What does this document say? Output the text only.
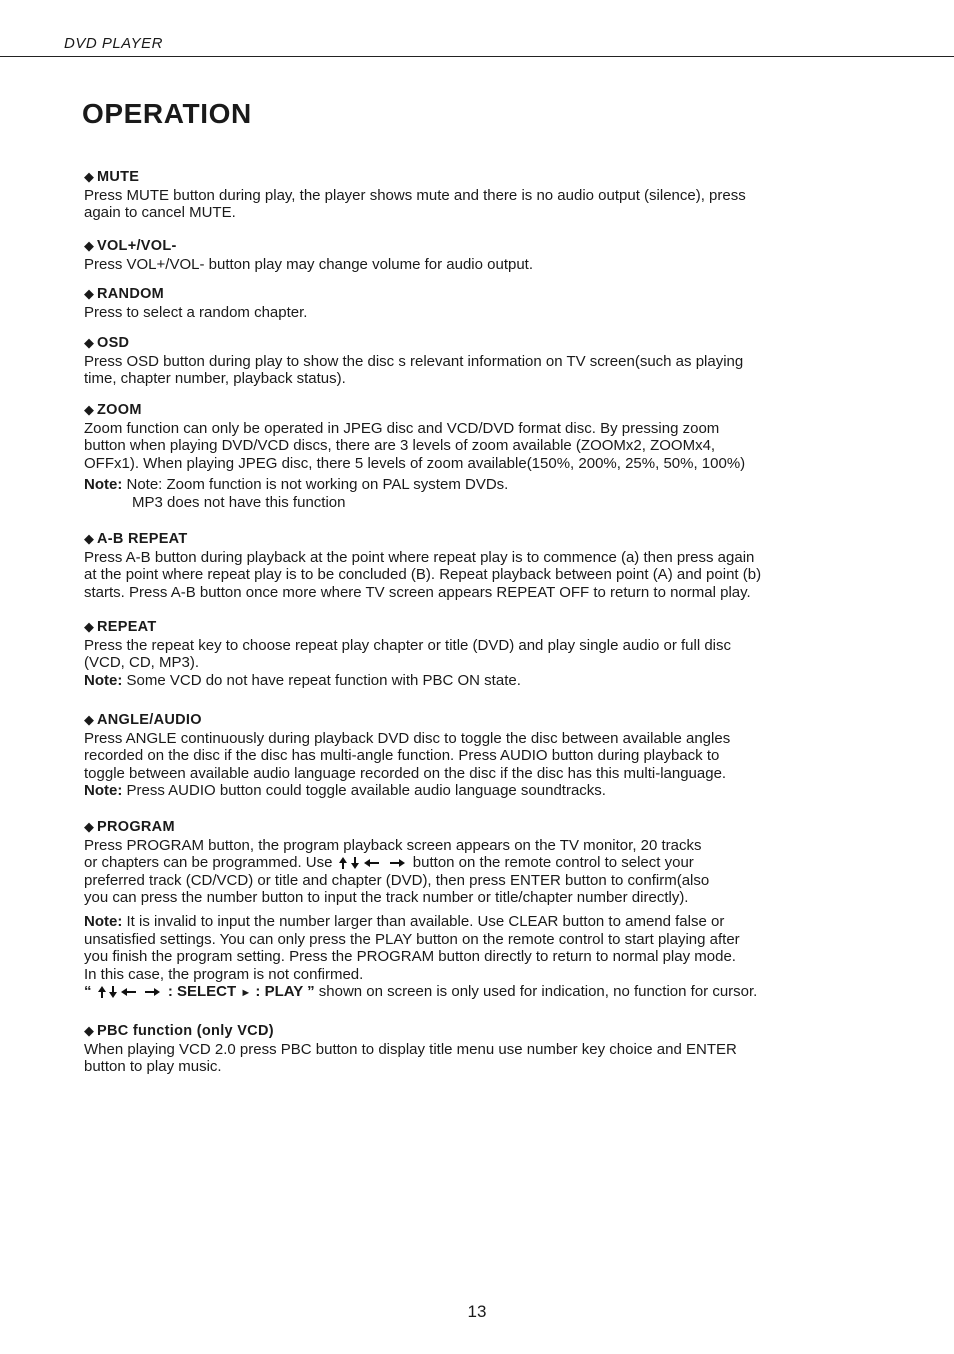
DVD PLAYER
OPERATION
◆ MUTE
Press MUTE button during play, the player shows mute and there is no audio output (silence), press
again to cancel MUTE.
◆ VOL+/VOL-
Press VOL+/VOL- button play may change volume for audio output.
◆ RANDOM
Press to select a random chapter.
◆ OSD
Press OSD button during play to show the disc s relevant information on TV screen(such as playing
time, chapter number, playback status).
◆ ZOOM
Zoom function can only be operated in JPEG disc and VCD/DVD format disc. By pressing zoom
button when playing DVD/VCD discs, there are 3 levels of zoom available (ZOOMx2, ZOOMx4,
OFFx1). When playing JPEG disc, there 5 levels of zoom available(150%, 200%, 25%, 50%, 100%)
Note: Note: Zoom function is not working on PAL system DVDs.
MP3 does not have this function
◆ A-B REPEAT
Press A-B button during playback at the point where repeat play is to commence (a) then press again
at the point where repeat play is to be concluded (B). Repeat playback between point (A) and point (b)
starts. Press A-B button once more where TV screen appears REPEAT OFF to return to normal play.
◆ REPEAT
Press the repeat key to choose repeat play chapter or title (DVD) and play single audio or full disc
(VCD, CD, MP3).
Note: Some VCD do not have repeat function with PBC ON state.
◆ ANGLE/AUDIO
Press ANGLE continuously during playback DVD disc to toggle the disc between available angles
recorded on the disc if the disc has multi-angle function. Press AUDIO button during playback to
toggle between available audio language recorded on the disc if the disc has this multi-language.
Note: Press AUDIO button could toggle available audio language soundtracks.
◆ PROGRAM
Press PROGRAM button, the program playback screen appears on the TV monitor, 20 tracks
or chapters can be programmed. Use	button on the remote control to select your
preferred track (CD/VCD) or title and chapter (DVD), then press ENTER button to confirm(also
you can press the number button to input the track number or title/chapter number directly).
Note: It is invalid to input the number larger than available. Use CLEAR button to amend false or
unsatisfied settings. You can only press the PLAY button on the remote control to start playing after
you finish the program setting. Press the PROGRAM button directly to return to normal play mode.
In this case, the program is not confirmed.
“	: SELECT ► : PLAY ” shown on screen is only used for indication, no function for cursor.
◆ PBC function (only VCD)
When playing VCD 2.0 press PBC button to display title menu use number key choice and ENTER
button to play music.
13
